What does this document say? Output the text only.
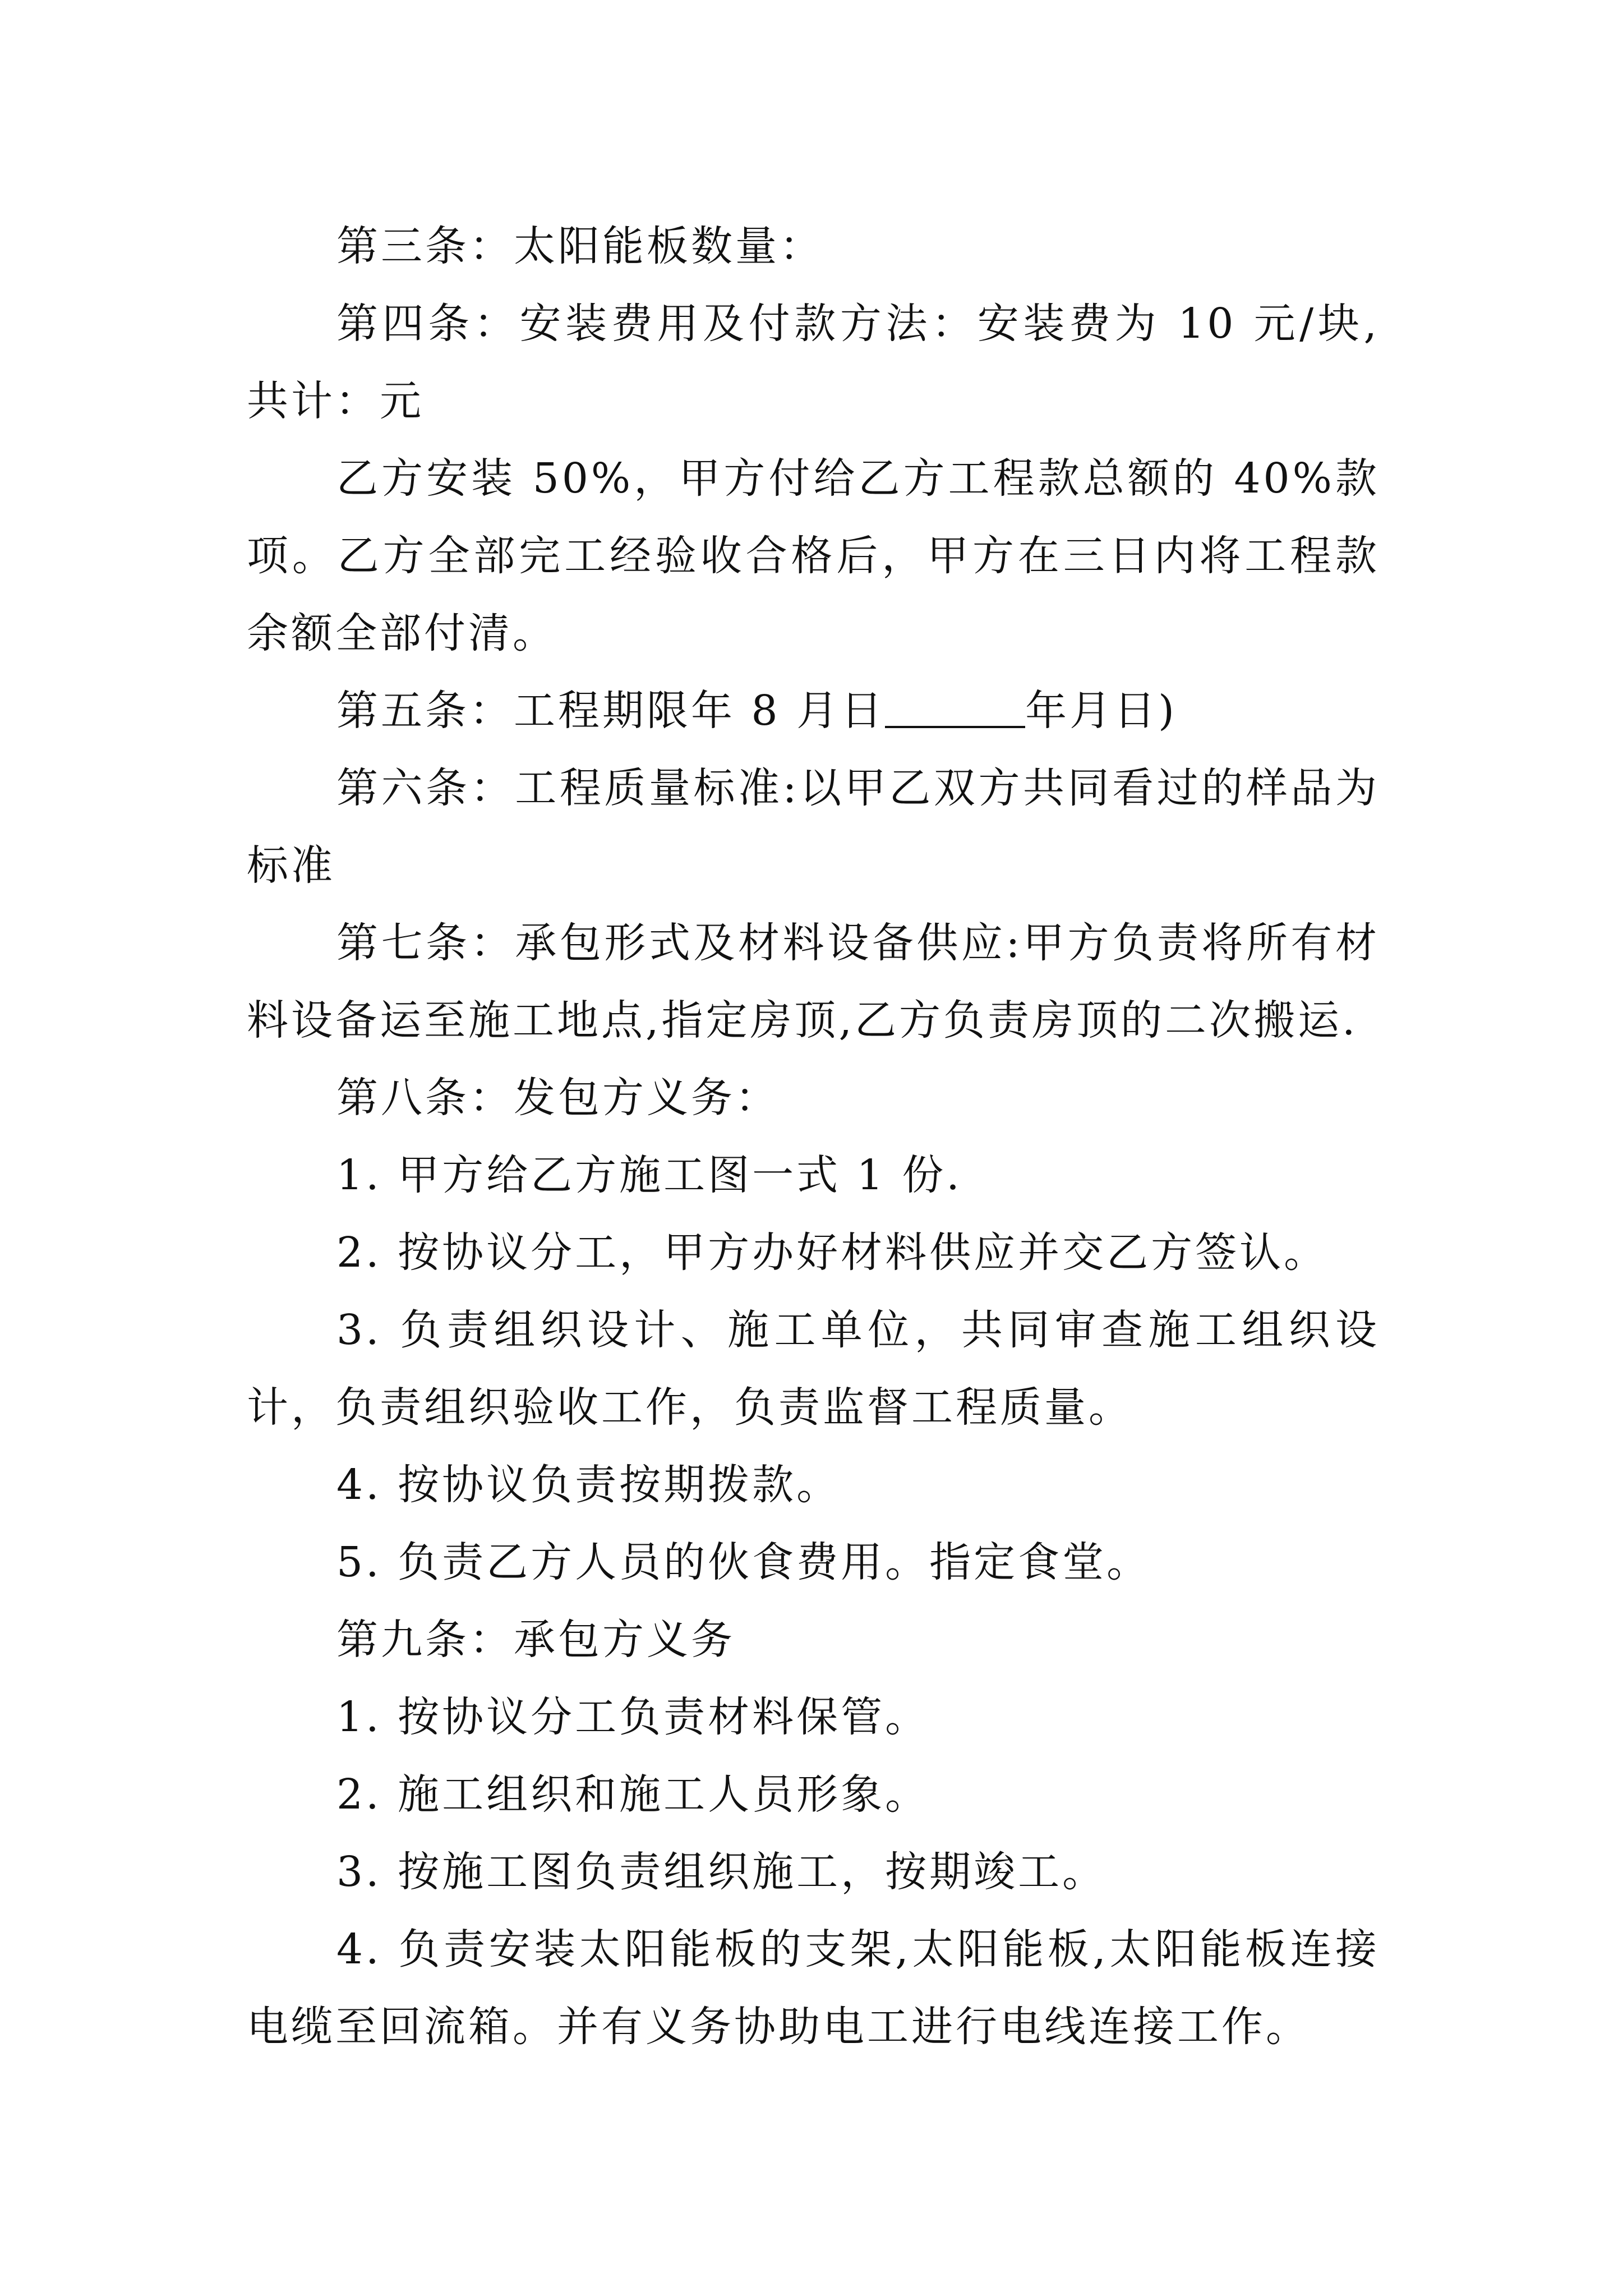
第三条：太阳能板数量：

第四条：安装费用及付款方法：安装费为 10 元/块,共计：元

乙方安装 50%，甲方付给乙方工程款总额的 40%款项。乙方全部完工经验收合格后，甲方在三日内将工程款余额全部付清。

第五条：工程期限年 8 月日	年月日)

第六条：工程质量标准:以甲乙双方共同看过的样品为标准

第七条：承包形式及材料设备供应:甲方负责将所有材料设备运至施工地点,指定房顶,乙方负责房顶的二次搬运.

第八条：发包方义务：

1. 甲方给乙方施工图一式 1 份.

2. 按协议分工，甲方办好材料供应并交乙方签认。

3. 负责组织设计、施工单位，共同审查施工组织设计，负责组织验收工作，负责监督工程质量。

4. 按协议负责按期拨款。

5. 负责乙方人员的伙食费用。指定食堂。

第九条：承包方义务

1. 按协议分工负责材料保管。

2. 施工组织和施工人员形象。

3. 按施工图负责组织施工，按期竣工。

4. 负责安装太阳能板的支架,太阳能板,太阳能板连接电缆至回流箱。并有义务协助电工进行电线连接工作。
